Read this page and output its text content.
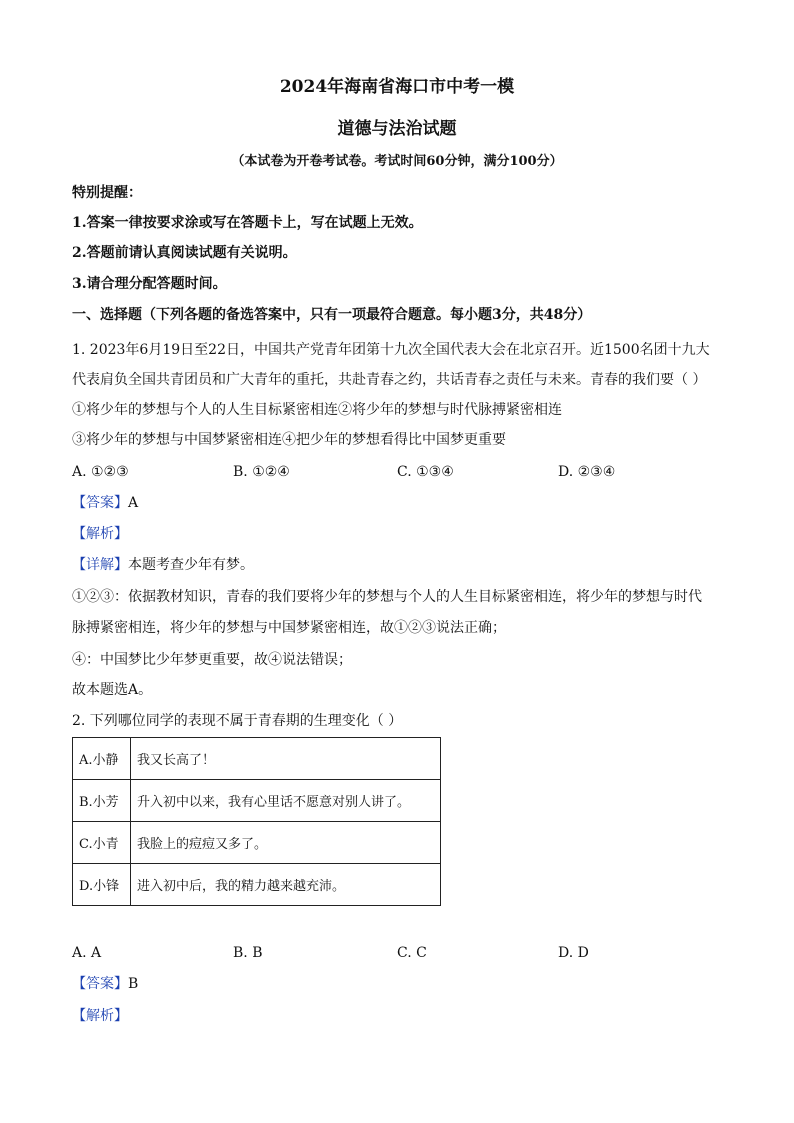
2024年海南省海口市中考一模
道德与法治试题
（本试卷为开卷考试卷。考试时间60分钟，满分100分）
特别提醒：
1.答案一律按要求涂或写在答题卡上，写在试题上无效。
2.答题前请认真阅读试题有关说明。
3.请合理分配答题时间。
一、选择题（下列各题的备选答案中，只有一项最符合题意。每小题3分，共48分）
1. 2023年6月19日至22日，中国共产党青年团第十九次全国代表大会在北京召开。近1500名团十九大
代表肩负全国共青团员和广大青年的重托，共赴青春之约，共话青春之责任与未来。青春的我们要（ ）
①将少年的梦想与个人的人生目标紧密相连②将少年的梦想与时代脉搏紧密相连
③将少年的梦想与中国梦紧密相连④把少年的梦想看得比中国梦更重要
A. ①②③	B. ①②④	C. ①③④	D. ②③④
【答案】A
【解析】
【详解】本题考查少年有梦。
①②③：依据教材知识，青春的我们要将少年的梦想与个人的人生目标紧密相连，将少年的梦想与时代
脉搏紧密相连，将少年的梦想与中国梦紧密相连，故①②③说法正确；
④：中国梦比少年梦更重要，故④说法错误；
故本题选A。
2. 下列哪位同学的表现不属于青春期的生理变化（ ）
A.小静	我又长高了！
B.小芳	升入初中以来，我有心里话不愿意对别人讲了。
C.小青	我脸上的痘痘又多了。
D.小锋	进入初中后，我的精力越来越充沛。
A. A	B. B	C. C	D. D
【答案】B
【解析】
